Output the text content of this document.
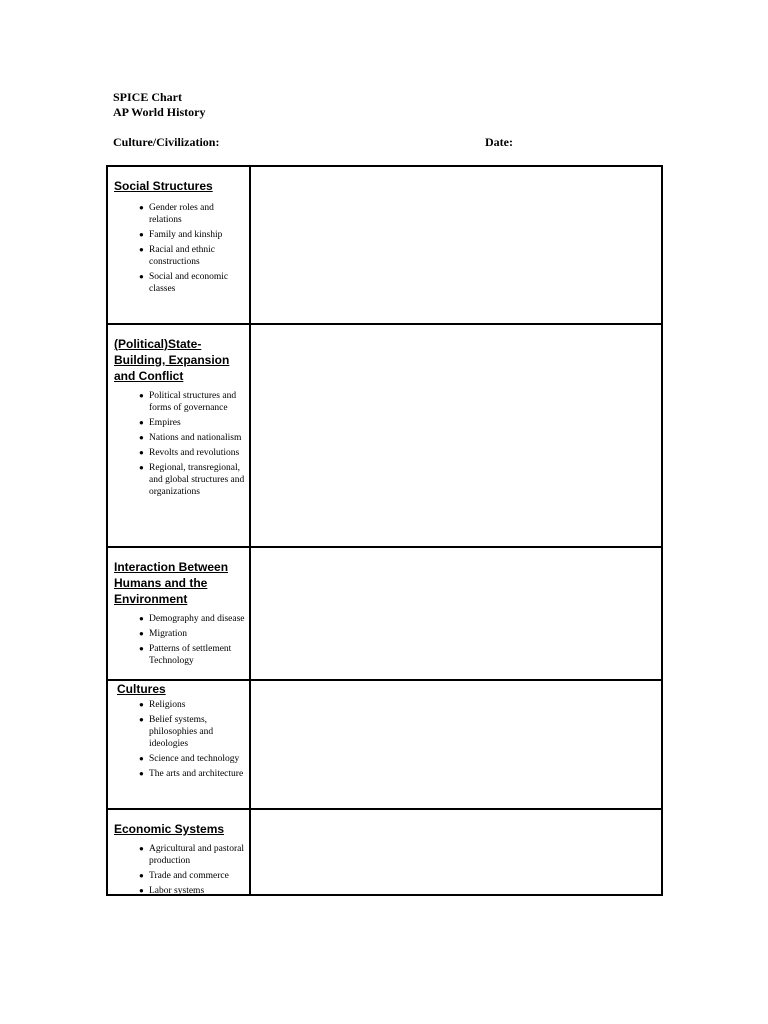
SPICE Chart
AP World History
Culture/Civilization:	Date:
Social Structures
● Gender roles and relations
● Family and kinship
● Racial and ethnic constructions
● Social and economic classes
(Political)State-Building, Expansion and Conflict
● Political structures and forms of governance
● Empires
● Nations and nationalism
● Revolts and revolutions
● Regional, transregional, and global structures and organizations
Interaction Between Humans and the Environment
● Demography and disease
● Migration
● Patterns of settlement Technology
Cultures
● Religions
● Belief systems, philosophies and ideologies
● Science and technology
● The arts and architecture
Economic Systems
● Agricultural and pastoral production
● Trade and commerce
● Labor systems
